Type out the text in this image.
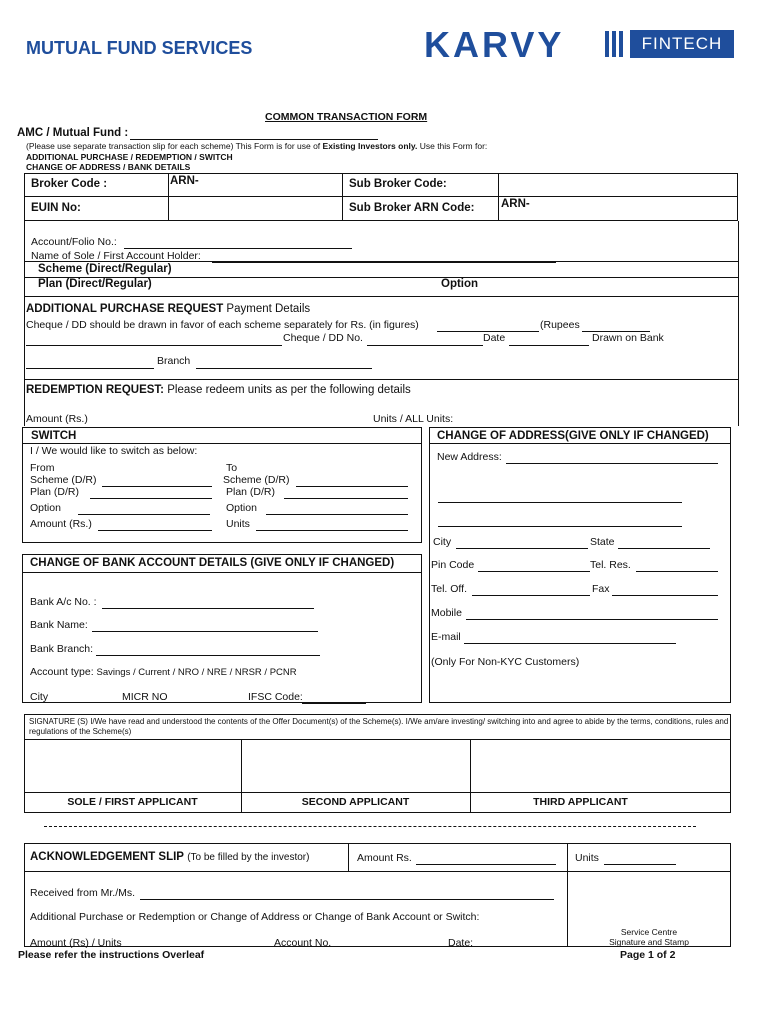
MUTUAL FUND SERVICES	KARVY	FINTECH
COMMON TRANSACTION FORM
AMC / Mutual Fund :
(Please use separate transaction slip for each scheme) This Form is for use of Existing Investors only. Use this Form for:
ADDITIONAL PURCHASE / REDEMPTION / SWITCH
CHANGE OF ADDRESS / BANK DETAILS
Broker Code :	ARN-	Sub Broker Code:
EUIN No:	Sub Broker ARN Code: ARN-
Account/Folio No.:
Name of Sole / First Account Holder:
Scheme (Direct/Regular)
Plan (Direct/Regular)	Option
ADDITIONAL PURCHASE REQUEST Payment Details
Cheque / DD should be drawn in favor of each scheme separately for Rs. (in figures)	(Rupees
Cheque / DD No.	Date	Drawn on Bank
Branch
REDEMPTION REQUEST: Please redeem units as per the following details
Amount (Rs.)	Units / ALL Units:
SWITCH
I / We would like to switch as below:
From	To
Scheme (D/R)	Scheme (D/R)
Plan (D/R)	Plan (D/R)
Option	Option
Amount (Rs.)	Units
CHANGE OF ADDRESS(GIVE ONLY IF CHANGED)
New Address:
City	State
Pin Code	Tel. Res.
Tel. Off.	Fax
Mobile
E-mail
(Only For Non-KYC Customers)
CHANGE OF BANK ACCOUNT DETAILS (GIVE ONLY IF CHANGED)
Bank A/c No. :
Bank Name:
Bank Branch:
Account type: Savings / Current / NRO / NRE / NRSR / PCNR
City	MICR NO	IFSC Code:
SIGNATURE (S) I/We have read and understood the contents of the Offer Document(s) of the Scheme(s). I/We am/are investing/ switching into and agree to abide by the terms, conditions, rules and regulations of the Scheme(s)
SOLE / FIRST APPLICANT	SECOND APPLICANT	THIRD APPLICANT
ACKNOWLEDGEMENT SLIP (To be filled by the investor)	Amount Rs.	Units
Received from Mr./Ms.
Additional Purchase or Redemption or Change of Address or Change of Bank Account or Switch:
Amount (Rs) / Units	Account No.	Date:
Service Centre
Signature and Stamp
Please refer the instructions Overleaf	Page 1 of 2
